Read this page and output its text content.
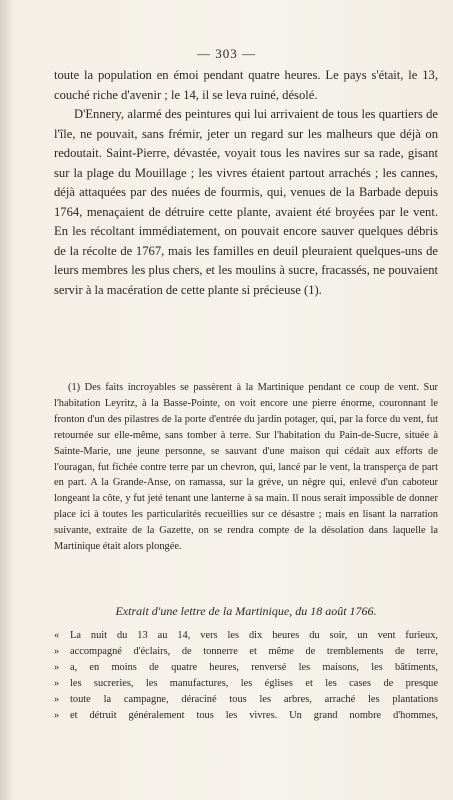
— 303 —

toute la population en émoi pendant quatre heures. Le pays s'était, le 13, couché riche d'avenir ; le 14, il se leva ruiné, désolé.

D'Ennery, alarmé des peintures qui lui arrivaient de tous les quartiers de l'île, ne pouvait, sans frémir, jeter un regard sur les malheurs que déjà on redoutait. Saint-Pierre, dévastée, voyait tous les navires sur sa rade, gisant sur la plage du Mouillage ; les vivres étaient partout arrachés ; les cannes, déjà attaquées par des nuées de fourmis, qui, venues de la Barbade depuis 1764, menaçaient de détruire cette plante, avaient été broyées par le vent. En les récoltant immédiatement, on pouvait encore sauver quelques débris de la récolte de 1767, mais les familles en deuil pleuraient quelques-uns de leurs membres les plus chers, et les moulins à sucre, fracassés, ne pouvaient servir à la macération de cette plante si précieuse (1).

(1) Des faits incroyables se passèrent à la Martinique pendant ce coup de vent. Sur l'habitation Leyritz, à la Basse-Pointe, on voit encore une pierre énorme, couronnant le fronton d'un des pilastres de la porte d'entrée du jardin potager, qui, par la force du vent, fut retournée sur elle-même, sans tomber à terre. Sur l'habitation du Pain-de-Sucre, située à Sainte-Marie, une jeune personne, se sauvant d'une maison qui cédait aux efforts de l'ouragan, fut fichée contre terre par un chevron, qui, lancé par le vent, la transperça de part en part. A la Grande-Anse, on ramassa, sur la grève, un nègre qui, enlevé d'un caboteur longeant la côte, y fut jeté tenant une lanterne à sa main. Il nous serait impossible de donner place ici à toutes les particularités recueillies sur ce désastre ; mais en lisant la narration suivante, extraite de la Gazette, on se rendra compte de la désolation dans laquelle la Martinique était alors plongée.

Extrait d'une lettre de la Martinique, du 18 août 1766.
« La nuit du 13 au 14, vers les dix heures du soir, un vent furieux,
» accompagné d'éclairs, de tonnerre et même de tremblements de terre,
» a, en moins de quatre heures, renversé les maisons, les bâtiments,
» les sucreries, les manufactures, les églises et les cases de presque
» toute la campagne, déraciné tous les arbres, arraché les plantations
» et détruit généralement tous les vivres. Un grand nombre d'hommes,
